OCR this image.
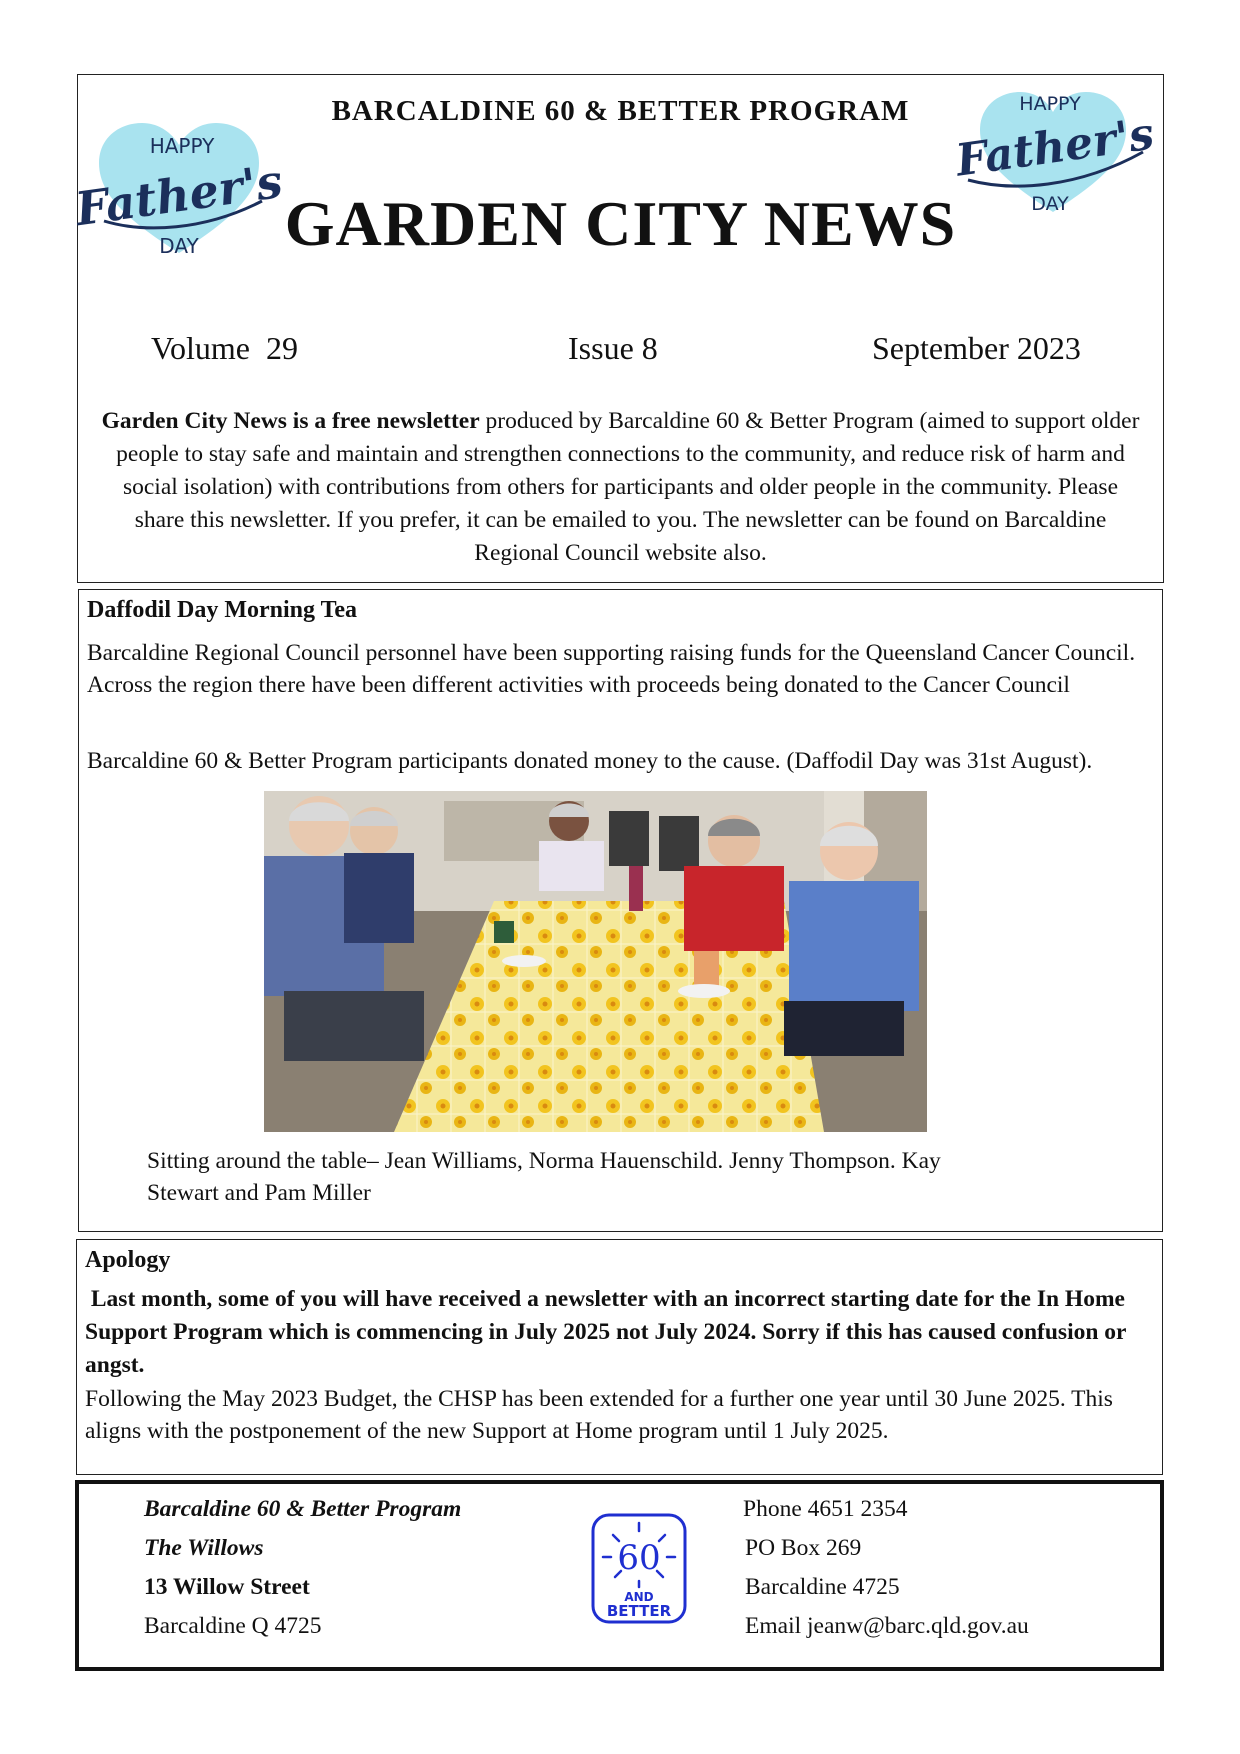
HAPPY
Father's
DAY
BARCALDINE 60 & BETTER PROGRAM
GARDEN CITY NEWS
HAPPY
Father's
DAY
Volume  29	Issue 8	September 2023
Garden City News is a free newsletter produced by Barcaldine 60 & Better Program (aimed to support older people to stay safe and maintain and strengthen connections to the community, and reduce risk of harm and social isolation) with contributions from others for participants and older people in the community. Please share this newsletter. If you prefer, it can be emailed to you. The newsletter can be found on Barcaldine Regional Council website also.
Daffodil Day Morning Tea
Barcaldine Regional Council personnel have been supporting raising funds for the Queensland Cancer Council. Across the region there have been different activities with proceeds being donated to the Cancer Council
Barcaldine 60 & Better Program participants donated money to the cause. (Daffodil Day was 31st August).
Sitting around the table– Jean Williams, Norma Hauenschild. Jenny Thompson. Kay Stewart and Pam Miller
Apology
Last month, some of you will have received a newsletter with an incorrect starting date for the In Home Support Program which is commencing in July 2025 not July 2024. Sorry if this has caused confusion or angst.
Following the May 2023 Budget, the CHSP has been extended for a further one year until 30 June 2025. This aligns with the postponement of the new Support at Home program until 1 July 2025.
Barcaldine 60 & Better Program
The Willows
13 Willow Street
Barcaldine Q 4725
60
AND
BETTER
Phone 4651 2354
PO Box 269
Barcaldine 4725
Email jeanw@barc.qld.gov.au
